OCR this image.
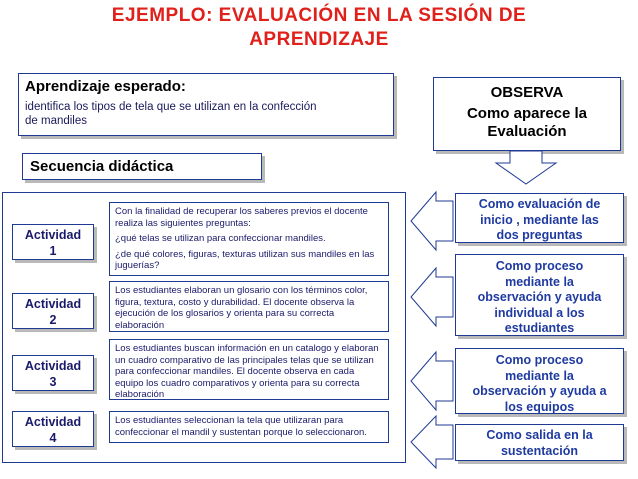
EJEMPLO: EVALUACIÓN EN LA SESIÓN DE
APRENDIZAJE
Aprendizaje esperado:
identifica los tipos de tela que se utilizan en la confección
de mandiles
Secuencia didáctica
OBSERVA
Como aparece la
Evaluación
Actividad
1

Con la finalidad de recuperar los saberes previos el docente realiza las siguientes preguntas:

¿qué telas se utilizan para confeccionar mandiles.

¿de qué colores, figuras, texturas utilizan sus mandiles en las juguerías?

Actividad
2

Los estudiantes elaboran un glosario con los términos color, figura, textura, costo y durabilidad. El docente observa la ejecución de los glosarios y orienta para su correcta elaboración

Actividad
3

Los estudiantes buscan información en un catalogo y elaboran un cuadro comparativo de las principales telas que se utilizan para confeccionar mandiles. El docente observa en cada equipo los cuadro comparativos y orienta para su correcta elaboración

Actividad
4

Los estudiantes seleccionan la tela que utilizaran para confeccionar el mandil y sustentan porque lo seleccionaron.

Como evaluación de
inicio , mediante las
dos preguntas
Como proceso
mediante la
observación y ayuda
individual a los
estudiantes
Como proceso
mediante la
observación y ayuda a
los equipos
Como salida en la
sustentación
